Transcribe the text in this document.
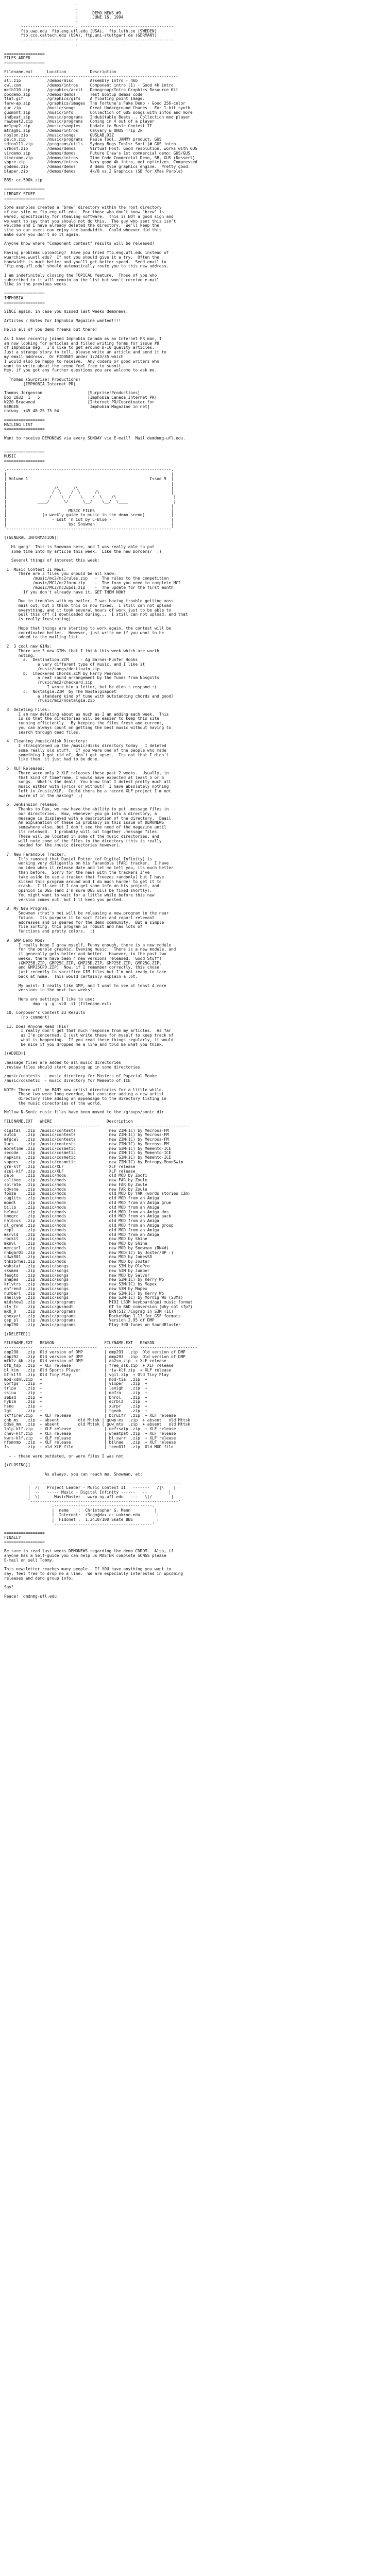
.
:
:      DEMO NEWS #9
:      JUNE 16, 1994
:
---------------------- : ---------------------------------------
ftp.uwp.edu  ftp.eng.ufl.edu (USA),  ftp.luth.se (SWEDEN)
ftp.cco.caltech.edu (USA), ftp.uni-stuttgart.de (GERMANY)
---------------------- : ---------------------------------------
:

=================
FILES ADDED
=================

Filename.ext      Location          Description
-------------------------------------------------------------------------
all.zip           /demos/misc       Assembly intro - 4kb
owl.com           /demos/intros     Component intro (1) - Good 4k intro
mctb110.zip       /graphics/ascii   Demogroup/Intro Graphics Resource Kit
ppcdemo.zip       /demos/demos      Test bootup demos code
flat.gif          /graphics/gifs    A floating point image.
farw-ap.zip       /graphics/images  The Fortune's Fake Demo - Good 256-color
guc.zip           /music/songs      Great Underground Chunes - For 1-bit synth
gusmoht.zip       /music/info       Collection of GUS songs with infos and more
indbeat.zip       /music/programs   Indubitable Beats .. Collection mod player
rawbeat2.zip      /music/programs   Coming in 4 out of a player
mc1pap2.zip       /music/samples    Update to Music Contest II
mtrag01.zip       /demos/intros     Calvary & ONUS Trip 2k
noslon.zip        /music/songs      GUSLAB.DIZ
palco.zip         /music/programs   Paula Tool, JAMMY product, GUS
sdtool11.zip      /programs/utils   Sydney Bugs Tools: Sort (# GUS intro
vrhost.zip        /demos/demos      Virtual Host: Good resolution, works with GUS
virdemo.zip       /demos/demos      Future Crew's 1st commercial demo: GUS/GUS
timecomm.zip      /demos/intros     Time Code Commercial Demo, SB, GUS (Dessert)
vbpre.zip         /demos/intros     Very good 4k intro, not optimizes. Compressed
godemo.zip        /demos/demos      A demo type graphics engine.  Pretty good.
blaper.zip        /demos/demos      4k/8 vs.2 Graphics (SB for XMas Purple)

BBS: cc-500k.zip

=================
LIBRARY STUFF
=================

Some assholes created a "brew" directory within the root directory
of our site on ftp.eng.ufl.edu.  For those who don't know "brew" is
warez, specifically for stealing software.  This is NOT a good sign and
we want to say that you should not do this.  The guy who sent this isn't
welcome and I have already deleted the directory.  We'll keep the
site so our users can enjoy the bandwidth.  Could whoever did this
make sure you don't do it again.

Anyone know where "Component contest" results will be released?

Having problems uploading?  Have you tried ftp.eng.ufl.edu instead of
wuarchive.wustl.edu?  If not you should give it a try.  Often the
bandwidth is much better and you'll get better speed.  Send email to
"ftp.eng.ufl.edu" should automatically route you to this new address.

I am indefinitely closing the TOPICAL feature.  Those of you who
subscribed to it will remain on the list but won't receive e-mail
like in the previous weeks.

=================
IMPHOBIA
=================

SINCE again, in case you missed last weeks demonews:

Articles / Notes for Imphobia Magazine wanted!!!!

Hello all of you demo freaks out there!

As I have recently joined Imphobia Canada as an Internet PR man, I
am now looking for articles and filled writing forms for issue #8
of Imphobia mag.  I'd like to get around 8-10 quality articles.
Just a strange story to tell, please write an article and send it to
my email address.  Or FIDONET under 1:243/35 which
I would also be happy to receive.  Any coders or good writers who
want to write about the scene feel free to submit.
Hey, if you got any further questions you are welcome to ask me.

Thomas (Surprise! Productions)
(IMPHOBIA Internet PR)

Thomas Jorgenson                   [Surprise!Productions]
Box 1032  1   5                    [Imphobia Canada Internet PR]
N220 Bradwood                      [Internet PR/Coordinator for
BERGEN                              Imphobia Magazine in net]
norway  +45 48-25 75 04

=================
MAILING LIST
=================

Want to receive DEMONEWS via every SUNDAY via E-mail?  Mail demdnmg-ufl.edu.

=================
MUSIC
=================

.---------------------------------------------------------------------.
|                                                                     |
| Volume 1                                                   Issue 9  |
|                                                                     |
|                    /\      /\                                       |
|                   /  \    /  \      /\                              |
|                  /    \  /    \    /  \    /\                        |
|             ____/      \/      \__/    \__/  \____                   |
|                                                                     |
|                          MUSIC FILES                                |
|               (a weekly guide to music in the demo scene)           |
|                   - Edit 'n Cut by C-Blue -                         |
|                          by: Snowman                                |
`---------------------------------------------------------------------'

[(GENERAL INFORMATION)]

Hi gang!  This is Snowman here, and I was really able to put
some time into my article this week.  Like the new borders?  :)

Several things of interest this week:

1. Music Contest II News:
There are 3 files you should be all know:
/music/mc2/mc2rules.zip   -  The rules to the competition
/music/MC2/mc2form.zip    -  The form you need to complete MC2
/music/MC2/mc2upd1.zip    -  The update for the first month
If you don't already have it, GET THEM NOW!

Due to troubles with my mailer, I was having trouble getting mass
mail out, but I think this is now fixed.  I still can not upload
everything, and it took several hours of work just to be able to
pull this off (I downloaded during...  I still can not upload, and that
is really frustrating).

Hope that things are starting to work again, the contest will be
coordinated better.  However, just write me if you want to be
added to the mailing list.

2. 3 cool new GIMs:
There are 3 new GIMs that I think this week which are worth
noting:
a.  Destination.ZIM     - Ag Barnes-Punfer Hooks
a very different type of music, and I like it
/music/songs/destinatn.zip
b.  Checkered Chords.ZIM by Harry Pearson
a neat sound arrangement by the Tunes from Nosgolts
/music/mc2/checkerd.zip
I wrote him a letter, but he didn't respond :(
c.  Nostalgia.ZIM  by The Nostalgiapoet
a standard kind of tune with outstanding chords and good?
/music/mc2/nostalgia.zip

3. Deleting Files:
I am now deleting about as much as I am adding each week.  This
is so that the directories will be easier to keep this site
running efficiently.  By keeping the files fresh and current,
you can always count on getting the best music without having to
search through dead files.

4. Cleaning /music/disk Directory:
I straightened up the /music/disks directory today.  I deleted
some really old stuff.  If you were one of the people who made
something I got rid of, don't get upset.  Its not that I didn't
like them, it just had to be done.

5. XLF Releases:
There were only 2 XLF releases these past 2 weeks.  Usually, in
that kind of timeframe, I would have expected at least 5 or 6
songs.  What's the deal?  You know that I detest pretty much all
music either with lyrics or without?  I have absolutely nothing
left in /music/XLF.  Could there be a record XLF project I'm not
aware of in the making?  :)

6. Jenkinsion release:
Thanks to Dax, we now have the ability to put .message files in
our directories.  Now, whenever you go into a directory, a
message is displayed with a description of the directory.  Email
An explanation of these is probably in this issue of DEMONEWS
somewhere else, but I don't see the need of the magazine until
its released.  I probably will put together .message files.
These will be located in some of the music directories, and
will note some of the files in the directory (this is really
needed for the /music directories however).

7. New Farandole Tracker:
It's rumored that Daniel Potter (of Digital Infinity) is
working very diligently on his Farandole (FAR) tracker.  I have
no idea when it release date and let me tell you, its much better
than before.  Sorry for the news with the trackers I've
take aside to use a tracker that freezes randomly) but I have
kicked this program around and I do much harder to get it to
crash.  I'll see if I can get some info on his project, and
opinion is DGS (and I'm sure DGS will be fixed shortly).
You might want to wait for a little while before this new
version comes out, but I'll keep you posted.

8. My New Program:
Snowman (that's me) will be releasing a new program in the near
future.  Its purpose it to sort files and report relevant
addresses and is geared for the demo community.  But a simple
file sorting, this program is robust and has lots of
functions and pretty colors.  :)

9. GMP Demo Mod?
I really hope I grow myself, Funny enough, there is a new module
for the purple graphic. Evening music.  There is a new module, and
it generally gets better and better.  However, in the past two
weeks, there have been 4 new versions released.  Good Stuff!
(GMP25B.ZIP, GMP25C.ZIP, GMP25D.ZIP, GMP25E.ZIP, GMP25G.ZIP,
and GMP25CPD.ZIP)  Now, if I remember correctly, this chose
just recently to sacrifice GIM files but I'm not ready to take
back at home.  This would certainly explain a lot.

My point: I really like GMP, and I want to see at least 4 more
versions in the next two weeks!

Here are settings I like to use:
dmp -q -g -sz0 -il (filename.ext)

10. Composer's Contest #3 Results
(no comment)

11. Does Anyone Read This?
I really don't get that much response from my articles.  As far
as I'm concerned, I just write these for myself to keep track of
what is happening.  If you read these things regularly, it would
be nice if you dropped me a line and told me what you think.

[(ADDED)]

.message files are added to all music directories
.review files should start popping up in some directories

/music/contests  - music directory for Masters of Paperial Mooke
/music/cosmetic  - music directory for Memento of ICE

NOTE: There will be MANY new artist directories for a little while.
These two were long overdue, but consider adding a new artist
directory like adding an appendage to the directory listing in
the music directories of the world.

Mellow N-Sonic music files have been moved to the /groups/sonic dir.

FILENAME.EXT   WHERE                       Description
------------   -------------------------   -----------------------------------
digital  .zip  /music/contests              new ZIM(1C) by Mecross-FM
autob    .zip  /music/contests              new ZIM(1C) by Mecross-FM
mfgcal   .zip  /music/contests              new ZIM(1C) by Mecross-FM
lucs     .zip  /music/contests              new ZIM(1C) by Mecross-FM
moretime .zip  /music/cosmetic              new S3M(1C) by Memento-ICE
secode   .zip  /music/cosmetic              new ZIM(1C) by Memento-ICE
napkins  .zip  /music/cosmetic              new S3M(1C) by Memento-ICE
vapors   .zip  /music/cosmetic              new ZIM(1C) by Entropy-MoonSwim
grn-klf  .zip  /music/XLF                   XLF release
azul-klf .zip  /music/XLF                   XLF release
pale     .zip  /music/mods                  old MOD by Zoofi
cslthee  .zip  /music/mods                  new FAR by Zoule
splrate  .zip  /music/mods                  new FAR by Zoule
odyshe   .zip  /music/mods                  new FAR by Zoule
fpoze    .zip  /music/mods                  old MOD by YAK (words stories c3m)
cugiits  .zip  /music/mods                  old MOD from an Amiga
mondl    .zip  /music/mods                  old MOD from an Amiga grue
billb    .zip  /music/mods                  old MOD from an Amiga
belmuz   .zip  /music/mods                  old MOD from an Amiga dos
bmegrc   .zip  /music/mods                  old MOD from an Amiga pack
halbcus  .zip  /music/mods                  old MOD from an Amiga
pl_greno .zip  /music/mods                  old MOD from an Amiga group
repl     .zip  /music/mods                  old MOD from an Amiga
msrvld   .zip  /music/mods                  old MOD from an Amiga
rbckit   .zip  /music/mods                  new MOD by Shine
mknvl    .zip  /music/mods                  new MOD by Shine
mercurl  .zip  /music/mods                  new MOD by Snowman (RN4d)
nhbgar01 .zip  /music/mods                  new MOD(1C) by Joster/BP :)
cdwkR01  .zip  /music/mods                  new MOD by JamesSD
thkzbrhel.zip  /music/mods                  new MOD by Joster
wakstat  .zip  /music/songs                 new S3M by OlePro
sksmea   .zip  /music/songs                 new S3M by Jumper
fasgto   .zip  /music/songs                 new MOD by Salvor
shapes   .zip  /music/songs                 new S3M(1C) by Kerry Wo
krlvtrs  .zip  /music/songs                 new S3M(1C) by Mapex
enfrend  .zip  /music/songs                 new S3M by Mapex
numbarl  .zip  /music/songs                 new S3M(1C) by Kerry Wo
smellye  .zip  /music/songs                 new S3M(1C) by Mornig Wo (S3Ms)
midshew1 .zip  /music/programs              MIDI LS3M keyboard/gui music format
sly_tr   .zip  /music/gusmodt               GT to BAD conversion (why not sfp?)
mx0_0    .zip  /music/programs              BRN(512)/Cograg in S3M (1C)
ghoxyrt  .zip  /music/programs              RocketMan 1.13 for GSF formats
gsp_pl   .zip  /music/programs              Version 2.95 of DMP
dmp290   .zip  /music/programs              Play 3d0 tunes on SoundBlaster

[(DELETED)]

FILENAME.EXT   REASON                     FILENAME.EXT   REASON
------------   ------------------------   ------------   ------------------------
dmp290   .zip  Old version of DMP         | dmp291  .zip  Old version of DMP
dmp292   .zip  Old version of DMP         | dmp293  .zip  Old version of DMP
mfb2z_4b .zip  Old version of DMP         | ab2so.zip  + XLF release
bfb_tsp  .zip  + XLF release              | free_slk.zip  + XLF release
bl_kim   .zip  Old Sports Player          | riw-klf.zip  + XLF release
bf-klf3  .zip  Old Tiny Play              | vgil.zip  + Old Tiny Play
mod-xdml.zip   +                          | mod-tia  .zip  +
vortgs   .zip  +                          | vixper   .zip  +
trlpa    .zip  +                          | lenigh   .zip  +
ssiuw    .zip  +                          | mafra    .zip  +
sebsd    .zip  +                          | bhrol    .zip  +
hyblm    .zip  +                          | ecrblz   .zip  +
hsno     .zip  +                          | xurpr    .zip  +
lgm      .zip  +                          | tgeab    .zip  +
lkffirer.zip   + XLF release              | bcruifr  .zip  + XLF release
gnb_ms   .zip  + absent        old Mttsk | guwp-ms  .zip  + absent   old Mttsk
bdsa_mm  .zip  + absent        old Mttsk | guw_mts  .zip  + absent   old Mttsk
lhlp-klf.zip   + XLF release              | nefrsatp .zip  + XLF release
chev-klf.zip   + XLF release              | wheatpat .zip  + XLF release
kwrs-klf.zip   + XLF release              | bl-swrr  .zip  + XLF release
hfsmnmp  .zip  + XLF release              | bilnae   .zip  + XLF release
fs       .zip  + old XLF file             | teen011  .zip  Old MOD file

+ - these were outdated, or were files I was not

[(CLOSING)]

As always, you can reach me, Snowman, at:

.--------------------------------------------------------------.
|  /|   Project Leader - Music Contest II   -------   /|\    |
|  --   ----- Music - Digital Infinity ------   --         |
|  \|      MusicMaster - wwrp.ny.ufl.edu   ---   \|/        |
`--------------------------------------------------------------'
.-----------------------------------------.
|  name    :  Christopher G. Mann          |
|  Internet:  r3cgm@dax.cc.uakron.edu       |
|  Fidonet :  1:2410/100 Skate BBS          |
`-----------------------------------------'

=================
FINALLY
=================

Be sure to read last weeks DEMONEWS regarding the demo CDROM.  Also, if
anyone has a Self-guide you can help us MASTER complete SONGS please
E-mail on sell Tommy.

This newsletter reaches many people.  If YOU have anything you want to
say, feel free to drop me a line.  We are especially interested in upcoming
releases and demo group info.

Say!

Peace!  dmdnmg-ufl.edu
